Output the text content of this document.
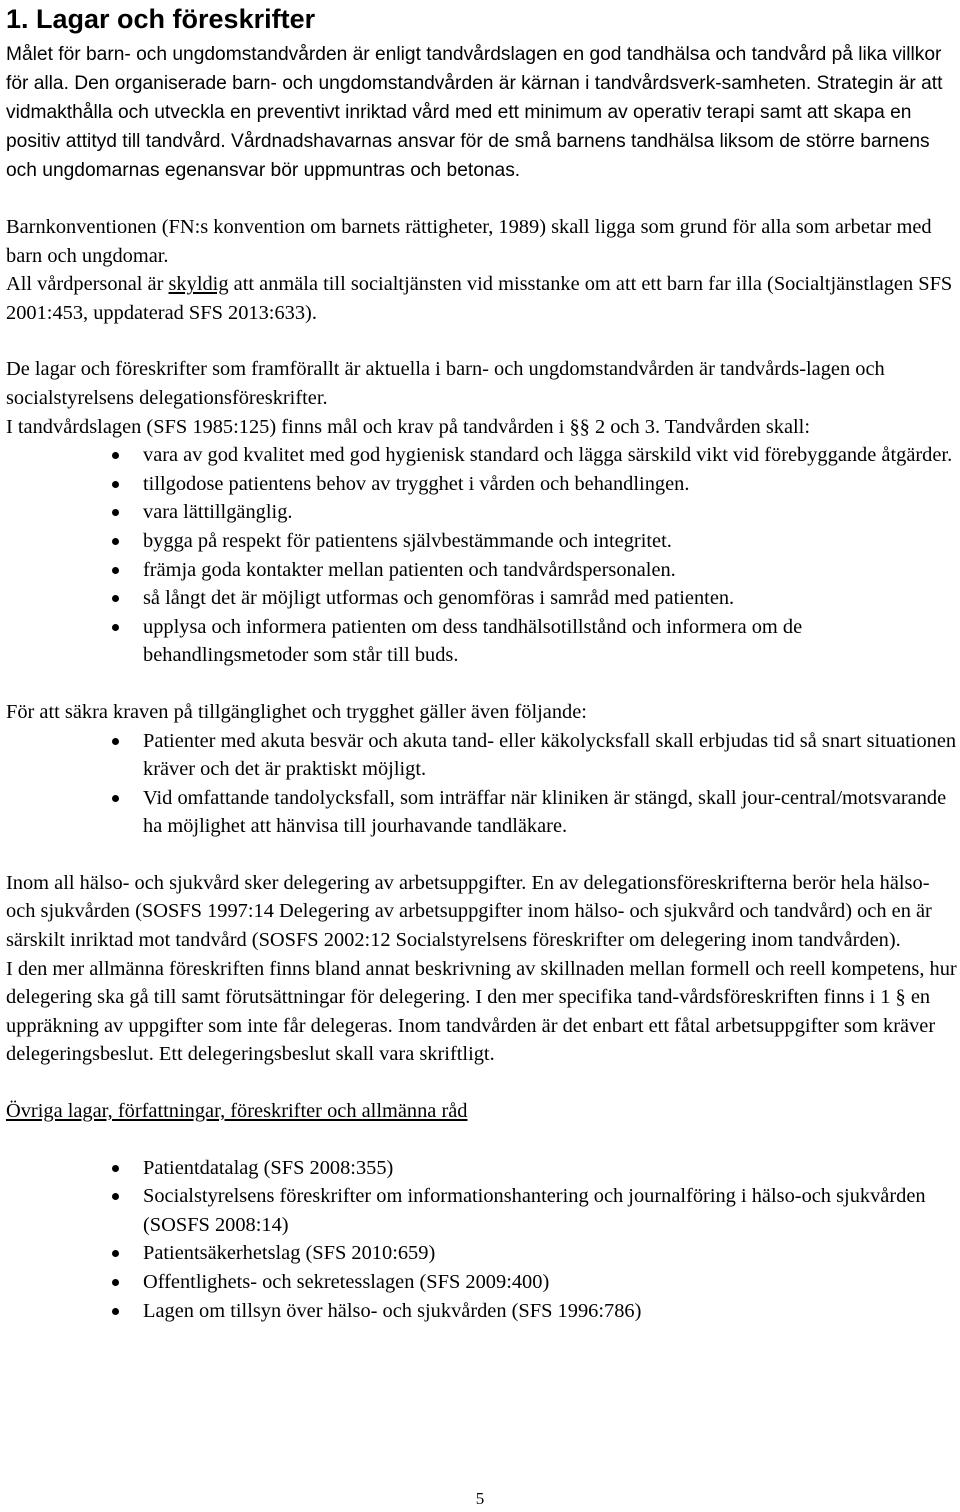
1. Lagar och föreskrifter

Målet för barn- och ungdomstandvården är enligt tandvårdslagen en god tandhälsa och tandvård på lika villkor för alla. Den organiserade barn- och ungdomstandvården är kärnan i tandvårdsverk-samheten. Strategin är att vidmakthålla och utveckla en preventivt inriktad vård med ett minimum av operativ terapi samt att skapa en positiv attityd till tandvård. Vårdnadshavarnas ansvar för de små barnens tandhälsa liksom de större barnens och ungdomarnas egenansvar bör uppmuntras och betonas.

Barnkonventionen (FN:s konvention om barnets rättigheter, 1989) skall ligga som grund för alla som arbetar med barn och ungdomar.

All vårdpersonal är skyldig att anmäla till socialtjänsten vid misstanke om att ett barn far illa (Socialtjänstlagen SFS 2001:453, uppdaterad SFS 2013:633).

De lagar och föreskrifter som framförallt är aktuella i barn- och ungdomstandvården är tandvårds-lagen och socialstyrelsens delegationsföreskrifter.

I tandvårdslagen (SFS 1985:125) finns mål och krav på tandvården i §§ 2 och 3. Tandvården skall:

vara av god kvalitet med god hygienisk standard och lägga särskild vikt vid förebyggande åtgärder.
tillgodose patientens behov av trygghet i vården och behandlingen.
vara lättillgänglig.
bygga på respekt för patientens självbestämmande och integritet.
främja goda kontakter mellan patienten och tandvårdspersonalen.
så långt det är möjligt utformas och genomföras i samråd med patienten.
upplysa och informera patienten om dess tandhälsotillstånd och informera om de behandlingsmetoder som står till buds.

För att säkra kraven på tillgänglighet och trygghet gäller även följande:

Patienter med akuta besvär och akuta tand- eller käkolycksfall skall erbjudas tid så snart situationen kräver och det är praktiskt möjligt.
Vid omfattande tandolycksfall, som inträffar när kliniken är stängd, skall jour-central/motsvarande ha möjlighet att hänvisa till jourhavande tandläkare.

Inom all hälso- och sjukvård sker delegering av arbetsuppgifter. En av delegationsföreskrifterna berör hela hälso- och sjukvården (SOSFS 1997:14 Delegering av arbetsuppgifter inom hälso- och sjukvård och tandvård) och en är särskilt inriktad mot tandvård (SOSFS 2002:12 Socialstyrelsens föreskrifter om delegering inom tandvården).

I den mer allmänna föreskriften finns bland annat beskrivning av skillnaden mellan formell och reell kompetens, hur delegering ska gå till samt förutsättningar för delegering. I den mer specifika tand-vårdsföreskriften finns i 1 § en uppräkning av uppgifter som inte får delegeras. Inom tandvården är det enbart ett fåtal arbetsuppgifter som kräver delegeringsbeslut. Ett delegeringsbeslut skall vara skriftligt.

Övriga lagar, författningar, föreskrifter och allmänna råd

Patientdatalag (SFS 2008:355)
Socialstyrelsens föreskrifter om informationshantering och journalföring i hälso-och sjukvården (SOSFS 2008:14)
Patientsäkerhetslag (SFS 2010:659)
Offentlighets- och sekretesslagen (SFS 2009:400)
Lagen om tillsyn över hälso- och sjukvården (SFS 1996:786)
5
